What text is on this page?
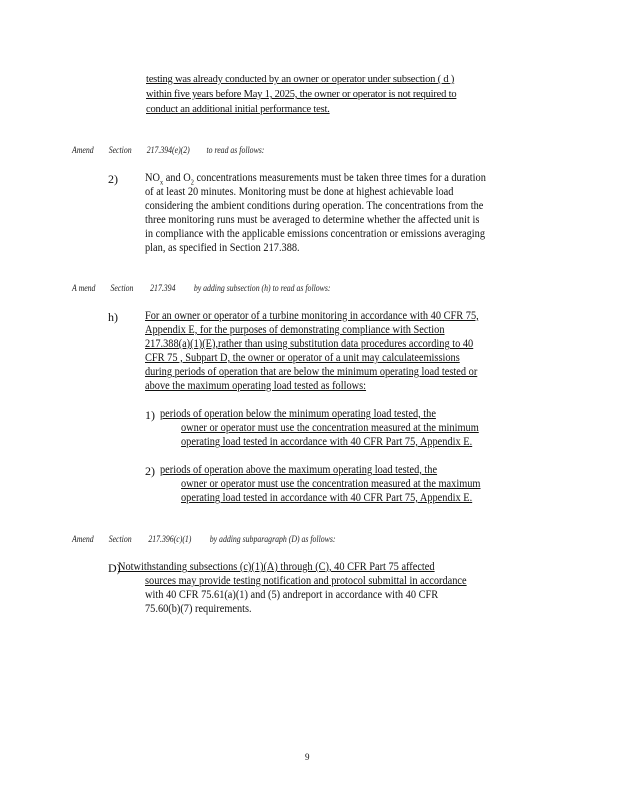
testing was already conducted by an owner or operator under subsection ( d )
within five years before May 1, 2025, the owner or operator is not required to
conduct an additional initial performance test.
Amend Section 217.394(e)(2) to read as follows:
2) $NO_x$ and $O_2$ concentrations measurements must be taken three times for a duration
of at least 20 minutes. Monitoring must be done at highest achievable load
considering the ambient conditions during operation. The concentrations from the
three monitoring runs must be averaged to determine whether the affected unit is
in compliance with the applicable emissions concentration or emissions averaging
plan, as specified in Section 217.388.
A mend Section 217.394 by adding subsection (h) to read as follows:
h) For an owner or operator of a turbine monitoring in accordance with 40 CFR 75,
Appendix E, for the purposes of demonstrating compliance with Section
217.388(a)(1)(E),rather than using substitution data procedures according to 40
CFR 75 , Subpart D, the owner or operator of a unit may calculateemissions
during periods of operation that are below the minimum operating load tested or
above the maximum operating load tested as follows:
1) periods of operation below the minimum operating load tested, the
owner or operator must use the concentration measured at the minimum
operating load tested in accordance with 40 CFR Part 75, Appendix E.
2) periods of operation above the maximum operating load tested, the
owner or operator must use the concentration measured at the maximum
operating load tested in accordance with 40 CFR Part 75, Appendix E.
Amend Section 217.396(c)(1) by adding subparagraph (D) as follows:
D)
Notwithstanding subsections (c)(1)(A) through (C), 40 CFR Part 75 affected
sources may provide testing notification and protocol submittal in accordance
with 40 CFR 75.61(a)(1) and (5) andreport in accordance with 40 CFR
75.60(b)(7) requirements.
9
